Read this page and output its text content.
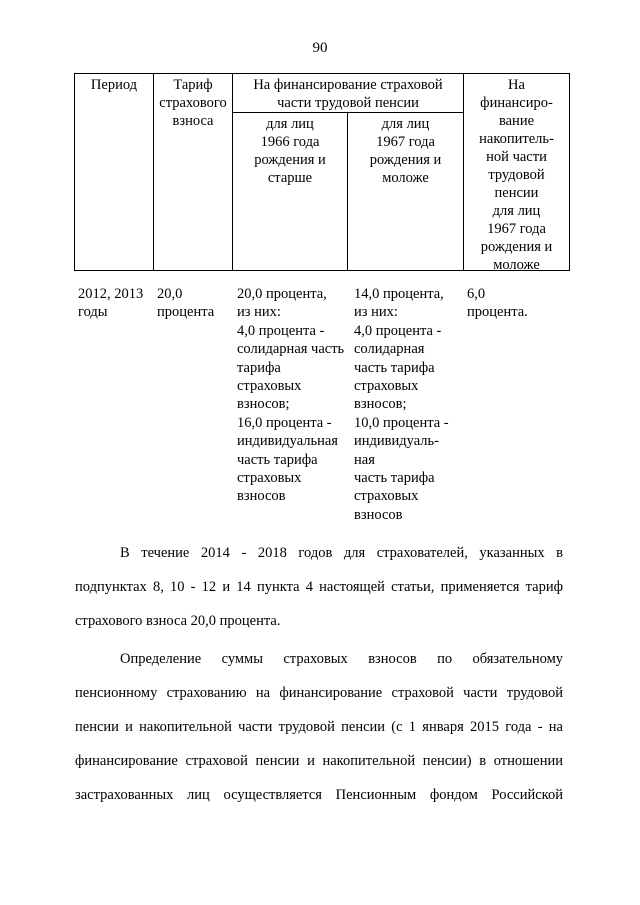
90
Период	Тариф
страхового
взноса
На финансирование страховой
части трудовой пенсии
для лиц
1966 года
рождения и
старше
для лиц
1967 года
рождения и
моложе
На
финансиро-
вание
накопитель-
ной части
трудовой
пенсии
для лиц
1967 года
рождения и
моложе
2012, 2013
годы
20,0
процента
20,0 процента,
из них:
4,0 процента -
солидарная часть
тарифа
страховых
взносов;
16,0 процента -
индивидуальная
часть тарифа
страховых
взносов
14,0 процента,
из них:
4,0 процента -
солидарная
часть тарифа
страховых
взносов;
10,0 процента -
индивидуаль-
ная
часть тарифа
страховых
взносов
6,0
процента.
В течение 2014 - 2018 годов для страхователей, указанных в
подпунктах 8, 10 - 12 и 14 пункта 4 настоящей статьи, применяется тариф
страхового взноса 20,0 процента.
Определение суммы страховых взносов по обязательному
пенсионному страхованию на финансирование страховой части трудовой
пенсии и накопительной части трудовой пенсии (с 1 января 2015 года - на
финансирование страховой пенсии и накопительной пенсии) в отношении
застрахованных лиц осуществляется Пенсионным фондом Российской
